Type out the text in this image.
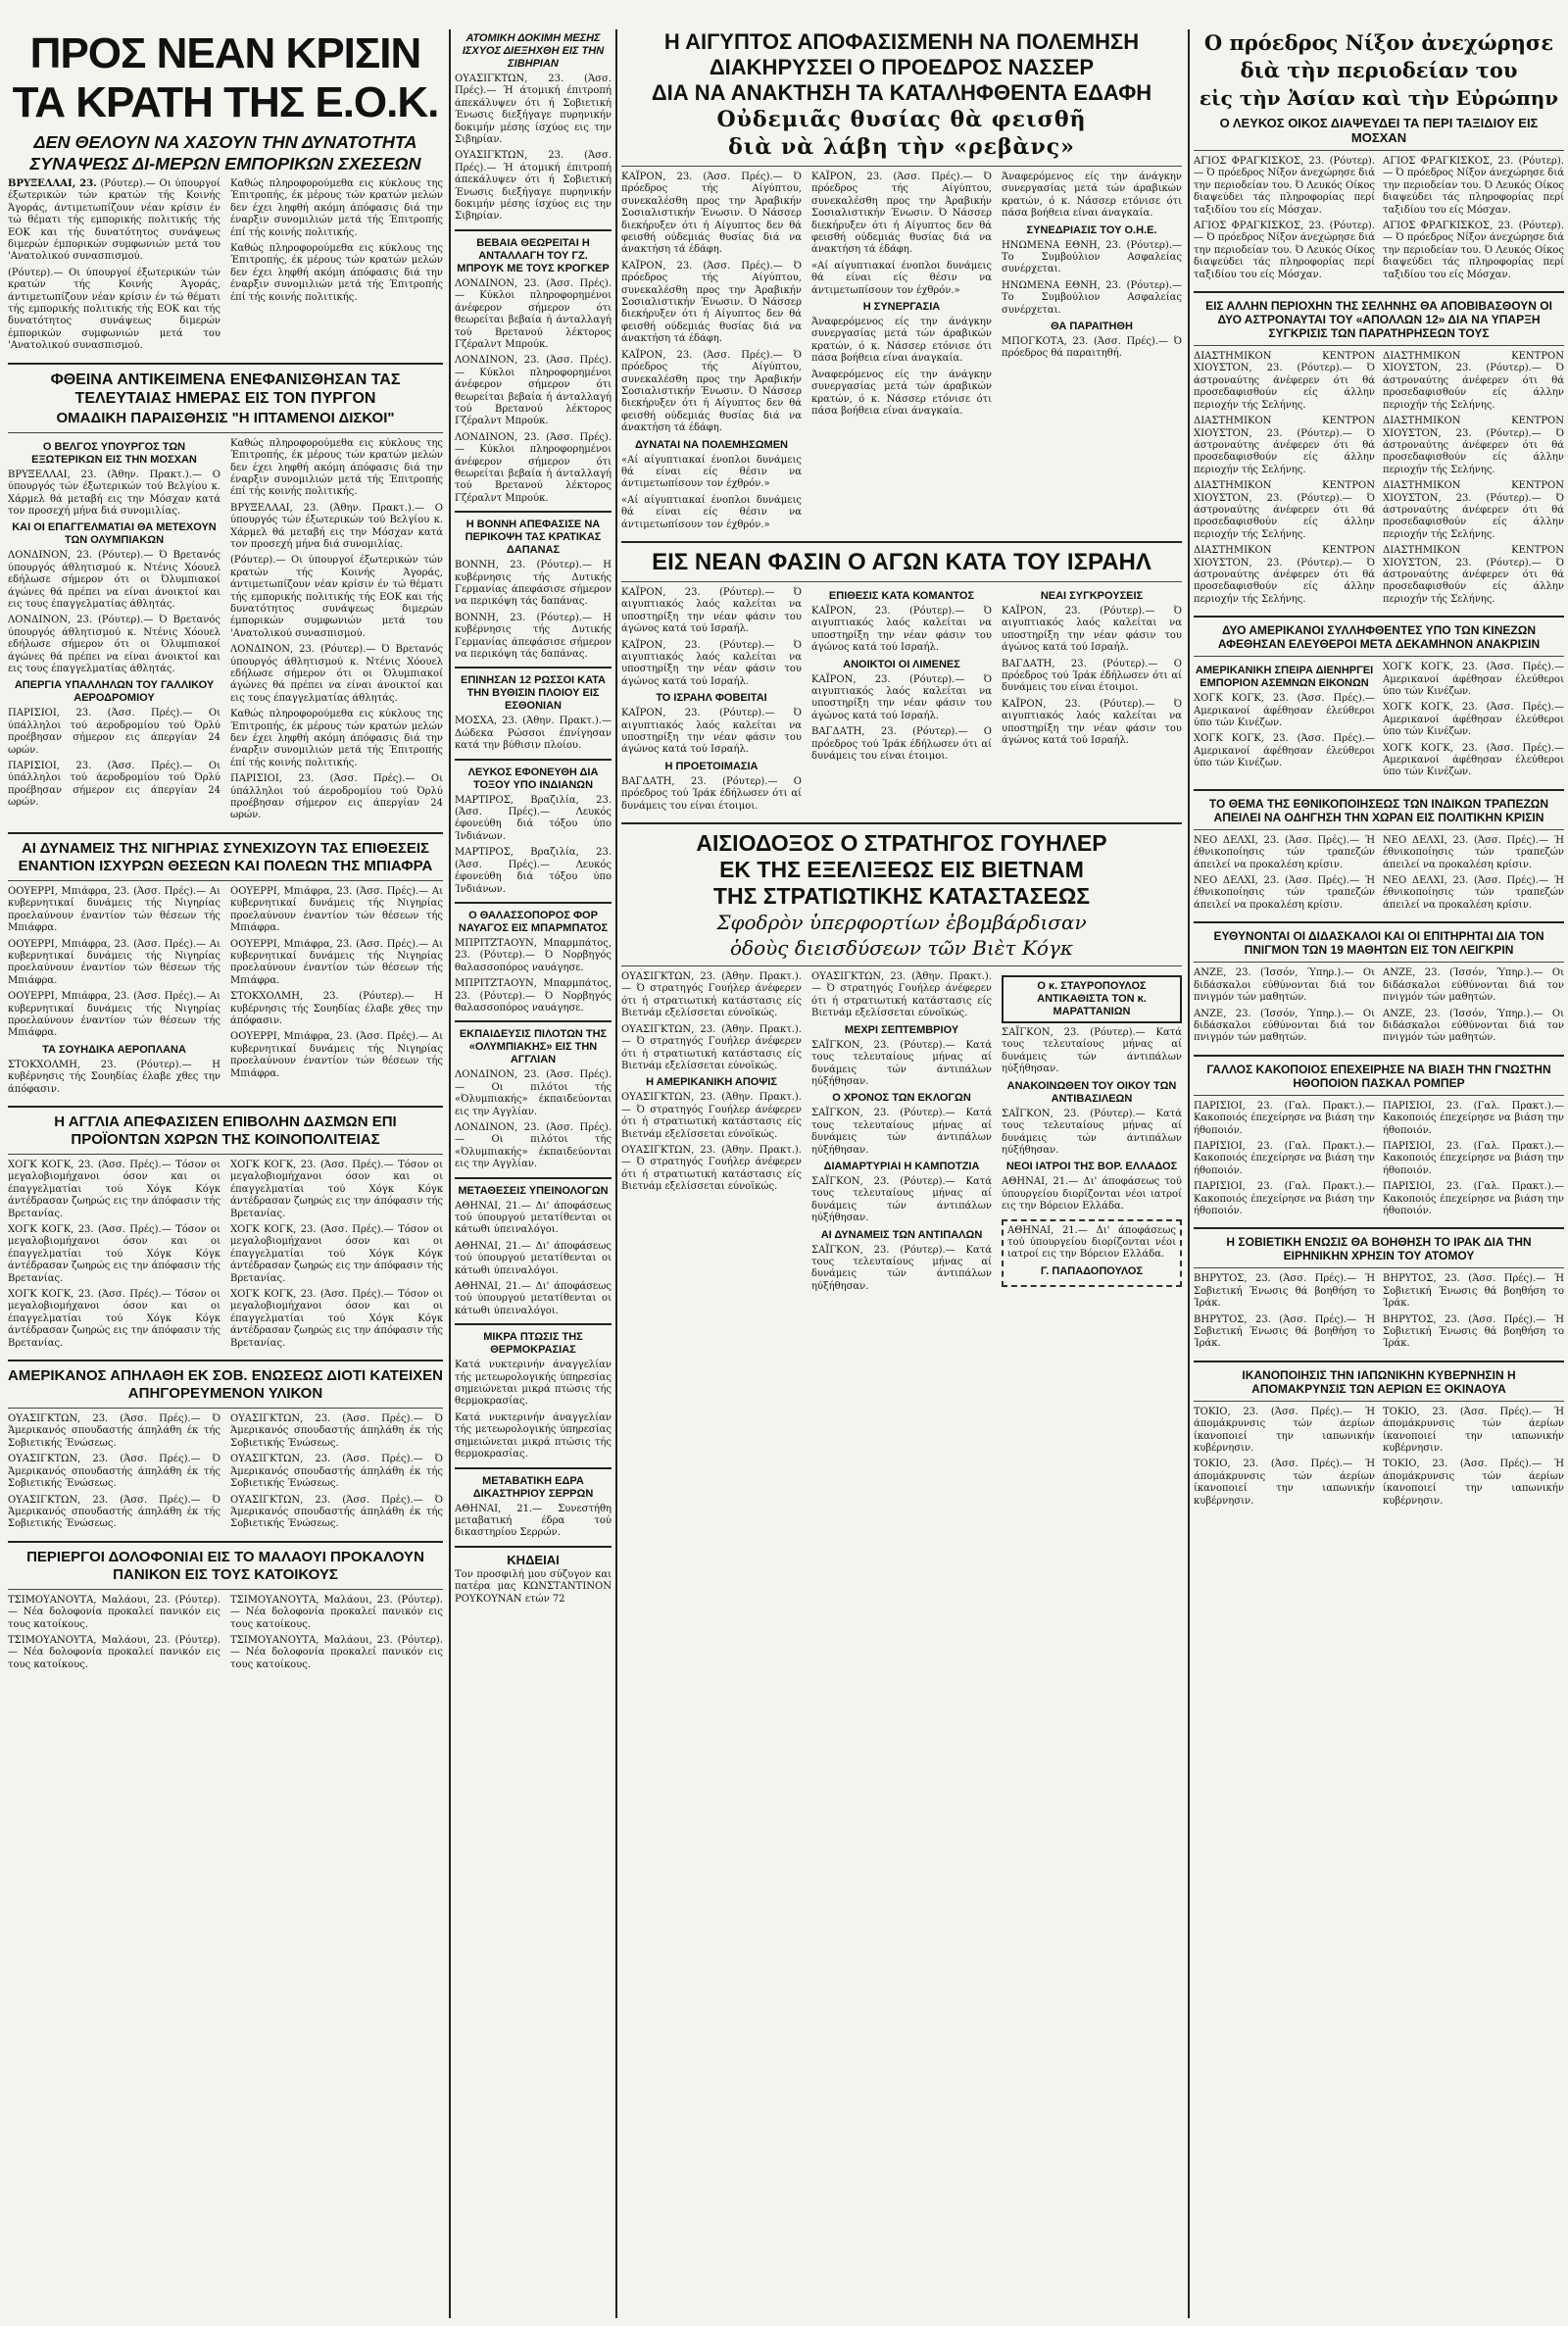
ΠΡΟΣ ΝΕΑΝ ΚΡΙΣΙΝ
ΤΑ ΚΡΑΤΗ ΤΗΣ Ε.Ο.Κ.
ΔΕΝ ΘΕΛΟΥΝ ΝΑ ΧΑΣΟΥΝ ΤΗΝ ΔΥΝΑΤΟΤΗΤΑ ΣΥΝΑΨΕΩΣ ΔΙ-ΜΕΡΩΝ ΕΜΠΟΡΙΚΩΝ ΣΧΕΣΕΩΝ

ΒΡΥΞΕΛΛΑΙ, 23. (Ρόυτερ).— Οι ύπουργοί έξωτερικών τών κρατών τής Κοινής Άγοράς, άντιμετωπίζουν νέαν κρίσιν έν τώ θέματι τής εμπορικής πολιτικής τής ΕΟΚ και τής δυνατότητος συνάψεως διμερών έμπορικών συμφωνιών μετά του 'Ανατολικού συνασπισμού.

(Ρόυτερ).— Οι ύπουργοί έξωτερικών τών κρατών τής Κοινής Άγοράς, άντιμετωπίζουν νέαν κρίσιν έν τώ θέματι τής εμπορικής πολιτικής τής ΕΟΚ και τής δυνατότητος συνάψεως διμερών έμπορικών συμφωνιών μετά του 'Ανατολικού συνασπισμού.

Καθώς πληροφορούμεθα εις κύκλους της Έπιτροπής, έκ μέρους τών κρατών μελών δεν έχει ληφθή ακόμη άπόφασις διά την έναρξιν συνομιλιών μετά τής Έπιτροπής έπί τής κοινής πολιτικής.

Καθώς πληροφορούμεθα εις κύκλους της Έπιτροπής, έκ μέρους τών κρατών μελών δεν έχει ληφθή ακόμη άπόφασις διά την έναρξιν συνομιλιών μετά τής Έπιτροπής έπί τής κοινής πολιτικής.

ΦΘΕΙΝΑ ΑΝΤΙΚΕΙΜΕΝΑ ΕΝΕΦΑΝΙΣΘΗΣΑΝ ΤΑΣ ΤΕΛΕΥΤΑΙΑΣ ΗΜΕΡΑΣ ΕΙΣ ΤΟΝ ΠΥΡΓΟΝ
ΟΜΑΔΙΚΗ ΠΑΡΑΙΣΘΗΣΙΣ "Η ΙΠΤΑΜΕΝΟΙ ΔΙΣΚΟΙ"
Ο ΒΕΛΓΟΣ ΥΠΟΥΡΓΟΣ ΤΩΝ ΕΞΩΤΕΡΙΚΩΝ ΕΙΣ ΤΗΝ ΜΟΣΧΑΝ

ΒΡΥΞΕΛΛΑΙ, 23. (Άθην. Πρακτ.).— Ο ύπουργός τών έξωτερικών τού Βελγίου κ. Χάρμελ θά μεταβή εις την Μόσχαν κατά τον προσεχή μήνα διά συνομιλίας.

ΚΑΙ ΟΙ ΕΠΑΓΓΕΛΜΑΤΙΑΙ ΘΑ ΜΕΤΕΧΟΥΝ ΤΩΝ ΟΛΥΜΠΙΑΚΩΝ

ΛΟΝΔΙΝΟΝ, 23. (Ρόυτερ).— Ό Βρετανός ύπουργός άθλητισμού κ. Ντένις Χόουελ εδήλωσε σήμερον ότι οι Όλυμπιακοί άγώνες θά πρέπει να είναι άνοικτοί και εις τους έπαγγελματίας άθλητάς.

ΛΟΝΔΙΝΟΝ, 23. (Ρόυτερ).— Ό Βρετανός ύπουργός άθλητισμού κ. Ντένις Χόουελ εδήλωσε σήμερον ότι οι Όλυμπιακοί άγώνες θά πρέπει να είναι άνοικτοί και εις τους έπαγγελματίας άθλητάς.

ΑΠΕΡΓΙΑ ΥΠΑΛΛΗΛΩΝ ΤΟΥ ΓΑΛΛΙΚΟΥ ΑΕΡΟΔΡΟΜΙΟΥ

ΠΑΡΙΣΙΟΙ, 23. (Άσσ. Πρές).— Οι ύπάλληλοι τού άεροδρομίου τού Όρλύ προέβησαν σήμερον εις άπεργίαν 24 ωρών.

ΠΑΡΙΣΙΟΙ, 23. (Άσσ. Πρές).— Οι ύπάλληλοι τού άεροδρομίου τού Όρλύ προέβησαν σήμερον εις άπεργίαν 24 ωρών.

Καθώς πληροφορούμεθα εις κύκλους της Έπιτροπής, έκ μέρους τών κρατών μελών δεν έχει ληφθή ακόμη άπόφασις διά την έναρξιν συνομιλιών μετά τής Έπιτροπής έπί τής κοινής πολιτικής.

ΒΡΥΞΕΛΛΑΙ, 23. (Άθην. Πρακτ.).— Ο ύπουργός τών έξωτερικών τού Βελγίου κ. Χάρμελ θά μεταβή εις την Μόσχαν κατά τον προσεχή μήνα διά συνομιλίας.

(Ρόυτερ).— Οι ύπουργοί έξωτερικών τών κρατών τής Κοινής Άγοράς, άντιμετωπίζουν νέαν κρίσιν έν τώ θέματι τής εμπορικής πολιτικής τής ΕΟΚ και τής δυνατότητος συνάψεως διμερών έμπορικών συμφωνιών μετά του 'Ανατολικού συνασπισμού.

ΛΟΝΔΙΝΟΝ, 23. (Ρόυτερ).— Ό Βρετανός ύπουργός άθλητισμού κ. Ντένις Χόουελ εδήλωσε σήμερον ότι οι Όλυμπιακοί άγώνες θά πρέπει να είναι άνοικτοί και εις τους έπαγγελματίας άθλητάς.

Καθώς πληροφορούμεθα εις κύκλους της Έπιτροπής, έκ μέρους τών κρατών μελών δεν έχει ληφθή ακόμη άπόφασις διά την έναρξιν συνομιλιών μετά τής Έπιτροπής έπί τής κοινής πολιτικής.

ΠΑΡΙΣΙΟΙ, 23. (Άσσ. Πρές).— Οι ύπάλληλοι τού άεροδρομίου τού Όρλύ προέβησαν σήμερον εις άπεργίαν 24 ωρών.

ΑΙ ΔΥΝΑΜΕΙΣ ΤΗΣ ΝΙΓΗΡΙΑΣ ΣΥΝΕΧΙΖΟΥΝ ΤΑΣ ΕΠΙΘΕΣΕΙΣ ΕΝΑΝΤΙΟΝ ΙΣΧΥΡΩΝ ΘΕΣΕΩΝ ΚΑΙ ΠΟΛΕΩΝ ΤΗΣ ΜΠΙΑΦΡΑ

ΟΟΥΕΡΡΙ, Μπιάφρα, 23. (Άσσ. Πρές).— Αι κυβερνητικαί δυνάμεις τής Νιγηρίας προελαύνουν έναντίον τών θέσεων τής Μπιάφρα.

ΟΟΥΕΡΡΙ, Μπιάφρα, 23. (Άσσ. Πρές).— Αι κυβερνητικαί δυνάμεις τής Νιγηρίας προελαύνουν έναντίον τών θέσεων τής Μπιάφρα.

ΟΟΥΕΡΡΙ, Μπιάφρα, 23. (Άσσ. Πρές).— Αι κυβερνητικαί δυνάμεις τής Νιγηρίας προελαύνουν έναντίον τών θέσεων τής Μπιάφρα.

ΤΑ ΣΟΥΗΔΙΚΑ ΑΕΡΟΠΛΑΝΑ

ΣΤΟΚΧΟΛΜΗ, 23. (Ρόυτερ).— Η κυβέρνησις τής Σουηδίας έλαβε χθες την άπόφασιν.

ΟΟΥΕΡΡΙ, Μπιάφρα, 23. (Άσσ. Πρές).— Αι κυβερνητικαί δυνάμεις τής Νιγηρίας προελαύνουν έναντίον τών θέσεων τής Μπιάφρα.

ΟΟΥΕΡΡΙ, Μπιάφρα, 23. (Άσσ. Πρές).— Αι κυβερνητικαί δυνάμεις τής Νιγηρίας προελαύνουν έναντίον τών θέσεων τής Μπιάφρα.

ΣΤΟΚΧΟΛΜΗ, 23. (Ρόυτερ).— Η κυβέρνησις τής Σουηδίας έλαβε χθες την άπόφασιν.

ΟΟΥΕΡΡΙ, Μπιάφρα, 23. (Άσσ. Πρές).— Αι κυβερνητικαί δυνάμεις τής Νιγηρίας προελαύνουν έναντίον τών θέσεων τής Μπιάφρα.

Η ΑΓΓΛΙΑ ΑΠΕΦΑΣΙΣΕΝ ΕΠΙΒΟΛΗΝ ΔΑΣΜΩΝ ΕΠΙ ΠΡΟΪΟΝΤΩΝ ΧΩΡΩΝ ΤΗΣ ΚΟΙΝΟΠΟΛΙΤΕΙΑΣ

ΧΟΓΚ ΚΟΓΚ, 23. (Άσσ. Πρές).— Τόσον οι μεγαλοβιομήχανοι όσον και οι έπαγγελματίαι τού Χόγκ Κόγκ άντέδρασαν ζωηρώς εις την άπόφασιν τής Βρετανίας.

ΧΟΓΚ ΚΟΓΚ, 23. (Άσσ. Πρές).— Τόσον οι μεγαλοβιομήχανοι όσον και οι έπαγγελματίαι τού Χόγκ Κόγκ άντέδρασαν ζωηρώς εις την άπόφασιν τής Βρετανίας.

ΧΟΓΚ ΚΟΓΚ, 23. (Άσσ. Πρές).— Τόσον οι μεγαλοβιομήχανοι όσον και οι έπαγγελματίαι τού Χόγκ Κόγκ άντέδρασαν ζωηρώς εις την άπόφασιν τής Βρετανίας.

ΧΟΓΚ ΚΟΓΚ, 23. (Άσσ. Πρές).— Τόσον οι μεγαλοβιομήχανοι όσον και οι έπαγγελματίαι τού Χόγκ Κόγκ άντέδρασαν ζωηρώς εις την άπόφασιν τής Βρετανίας.

ΧΟΓΚ ΚΟΓΚ, 23. (Άσσ. Πρές).— Τόσον οι μεγαλοβιομήχανοι όσον και οι έπαγγελματίαι τού Χόγκ Κόγκ άντέδρασαν ζωηρώς εις την άπόφασιν τής Βρετανίας.

ΧΟΓΚ ΚΟΓΚ, 23. (Άσσ. Πρές).— Τόσον οι μεγαλοβιομήχανοι όσον και οι έπαγγελματίαι τού Χόγκ Κόγκ άντέδρασαν ζωηρώς εις την άπόφασιν τής Βρετανίας.

ΑΜΕΡΙΚΑΝΟΣ ΑΠΗΛΑΘΗ ΕΚ ΣΟΒ. ΕΝΩΣΕΩΣ ΔΙΟΤΙ ΚΑΤΕΙΧΕΝ ΑΠΗΓΟΡΕΥΜΕΝΟΝ ΥΛΙΚΟΝ

ΟΥΑΣΙΓΚΤΩΝ, 23. (Άσσ. Πρές).— Ό Άμερικανός σπουδαστής άπηλάθη έκ τής Σοβιετικής Ένώσεως.

ΟΥΑΣΙΓΚΤΩΝ, 23. (Άσσ. Πρές).— Ό Άμερικανός σπουδαστής άπηλάθη έκ τής Σοβιετικής Ένώσεως.

ΟΥΑΣΙΓΚΤΩΝ, 23. (Άσσ. Πρές).— Ό Άμερικανός σπουδαστής άπηλάθη έκ τής Σοβιετικής Ένώσεως.

ΟΥΑΣΙΓΚΤΩΝ, 23. (Άσσ. Πρές).— Ό Άμερικανός σπουδαστής άπηλάθη έκ τής Σοβιετικής Ένώσεως.

ΟΥΑΣΙΓΚΤΩΝ, 23. (Άσσ. Πρές).— Ό Άμερικανός σπουδαστής άπηλάθη έκ τής Σοβιετικής Ένώσεως.

ΟΥΑΣΙΓΚΤΩΝ, 23. (Άσσ. Πρές).— Ό Άμερικανός σπουδαστής άπηλάθη έκ τής Σοβιετικής Ένώσεως.

ΠΕΡΙΕΡΓΟΙ ΔΟΛΟΦΟΝΙΑΙ ΕΙΣ ΤΟ ΜΑΛΑΟΥΙ ΠΡΟΚΑΛΟΥΝ ΠΑΝΙΚΟΝ ΕΙΣ ΤΟΥΣ ΚΑΤΟΙΚΟΥΣ

ΤΣΙΜΟΥΑΝΟΥΤΑ, Μαλάουι, 23. (Ρόυτερ).— Νέα δολοφονία προκαλεί πανικόν εις τους κατοίκους.

ΤΣΙΜΟΥΑΝΟΥΤΑ, Μαλάουι, 23. (Ρόυτερ).— Νέα δολοφονία προκαλεί πανικόν εις τους κατοίκους.

ΤΣΙΜΟΥΑΝΟΥΤΑ, Μαλάουι, 23. (Ρόυτερ).— Νέα δολοφονία προκαλεί πανικόν εις τους κατοίκους.

ΤΣΙΜΟΥΑΝΟΥΤΑ, Μαλάουι, 23. (Ρόυτερ).— Νέα δολοφονία προκαλεί πανικόν εις τους κατοίκους.

ΑΤΟΜΙΚΗ ΔΟΚΙΜΗ ΜΕΣΗΣ ΙΣΧΥΟΣ ΔΙΕΞΗΧΘΗ ΕΙΣ ΤΗΝ ΣΙΒΗΡΙΑΝ

ΟΥΑΣΙΓΚΤΩΝ, 23. (Άσσ. Πρές).— Ή άτομική έπιτροπή άπεκάλυψεν ότι ή Σοβιετική Ένωσις διεξήγαγε πυρηνικήν δοκιμήν μέσης ίσχύος εις την Σιβηρίαν.

ΟΥΑΣΙΓΚΤΩΝ, 23. (Άσσ. Πρές).— Ή άτομική έπιτροπή άπεκάλυψεν ότι ή Σοβιετική Ένωσις διεξήγαγε πυρηνικήν δοκιμήν μέσης ίσχύος εις την Σιβηρίαν.

ΒΕΒΑΙΑ ΘΕΩΡΕΙΤΑΙ Η ΑΝΤΑΛΛΑΓΗ ΤΟΥ ΓΖ. ΜΠΡΟΥΚ ΜΕ ΤΟΥΣ ΚΡΟΓΚΕΡ

ΛΟΝΔΙΝΟΝ, 23. (Άσσ. Πρές).— Κύκλοι πληροφορημένοι άνέφερον σήμερον ότι θεωρείται βεβαία ή άνταλλαγή τού Βρετανού λέκτορος Γζέραλντ Μπρούκ.

ΛΟΝΔΙΝΟΝ, 23. (Άσσ. Πρές).— Κύκλοι πληροφορημένοι άνέφερον σήμερον ότι θεωρείται βεβαία ή άνταλλαγή τού Βρετανού λέκτορος Γζέραλντ Μπρούκ.

ΛΟΝΔΙΝΟΝ, 23. (Άσσ. Πρές).— Κύκλοι πληροφορημένοι άνέφερον σήμερον ότι θεωρείται βεβαία ή άνταλλαγή τού Βρετανού λέκτορος Γζέραλντ Μπρούκ.

Η ΒΟΝΝΗ ΑΠΕΦΑΣΙΣΕ ΝΑ ΠΕΡΙΚΟΨΗ ΤΑΣ ΚΡΑΤΙΚΑΣ ΔΑΠΑΝΑΣ

ΒΟΝΝΗ, 23. (Ρόυτερ).— Η κυβέρνησις τής Δυτικής Γερμανίας άπεφάσισε σήμερον να περικόψη τάς δαπάνας.

ΒΟΝΝΗ, 23. (Ρόυτερ).— Η κυβέρνησις τής Δυτικής Γερμανίας άπεφάσισε σήμερον να περικόψη τάς δαπάνας.

ΕΠΙΝΗΣΑΝ 12 ΡΩΣΣΟΙ ΚΑΤΑ ΤΗΝ ΒΥΘΙΣΙΝ ΠΛΟΙΟΥ ΕΙΣ ΕΣΘΟΝΙΑΝ

ΜΟΣΧΑ, 23. (Άθην. Πρακτ.).— Δώδεκα Ρώσσοι έπνίγησαν κατά την βύθισιν πλοίου.

ΛΕΥΚΟΣ ΕΦΟΝΕΥΘΗ ΔΙΑ ΤΟΞΟΥ ΥΠΟ ΙΝΔΙΑΝΩΝ

ΜΑΡΤΙΡΟΣ, Βραζιλία, 23. (Άσσ. Πρές).— Λευκός έφονεύθη διά τόξου ύπο Ίνδιάνων.

ΜΑΡΤΙΡΟΣ, Βραζιλία, 23. (Άσσ. Πρές).— Λευκός έφονεύθη διά τόξου ύπο Ίνδιάνων.

Ο ΘΑΛΑΣΣΟΠΟΡΟΣ ΦΟΡ ΝΑΥΑΓΟΣ ΕΙΣ ΜΠΑΡΜΠΑΤΟΣ

ΜΠΡΙΤΖΤΑΟΥΝ, Μπαρμπάτος, 23. (Ρόυτερ).— Ό Νορβηγός θαλασσοπόρος ναυάγησε.

ΜΠΡΙΤΖΤΑΟΥΝ, Μπαρμπάτος, 23. (Ρόυτερ).— Ό Νορβηγός θαλασσοπόρος ναυάγησε.

ΕΚΠΑΙΔΕΥΣΙΣ ΠΙΛΟΤΩΝ ΤΗΣ «ΟΛΥΜΠΙΑΚΗΣ» ΕΙΣ ΤΗΝ ΑΓΓΛΙΑΝ

ΛΟΝΔΙΝΟΝ, 23. (Άσσ. Πρές).— Οι πιλότοι τής «Όλυμπιακής» έκπαιδεύονται εις την Αγγλίαν.

ΛΟΝΔΙΝΟΝ, 23. (Άσσ. Πρές).— Οι πιλότοι τής «Όλυμπιακής» έκπαιδεύονται εις την Αγγλίαν.

ΜΕΤΑΘΕΣΕΙΣ ΥΠΕΙΝΟΛΟΓΩΝ

ΑΘΗΝΑΙ, 21.— Δι' άποφάσεως τού ύπουργού μετατίθενται οι κάτωθι ύπειναλόγοι.

ΑΘΗΝΑΙ, 21.— Δι' άποφάσεως τού ύπουργού μετατίθενται οι κάτωθι ύπειναλόγοι.

ΑΘΗΝΑΙ, 21.— Δι' άποφάσεως τού ύπουργού μετατίθενται οι κάτωθι ύπειναλόγοι.

ΜΙΚΡΑ ΠΤΩΣΙΣ ΤΗΣ ΘΕΡΜΟΚΡΑΣΙΑΣ

Κατά νυκτερινήν άναγγελίαν τής μετεωρολογικής ύπηρεσίας σημειώνεται μικρά πτώσις τής θερμοκρασίας.

Κατά νυκτερινήν άναγγελίαν τής μετεωρολογικής ύπηρεσίας σημειώνεται μικρά πτώσις τής θερμοκρασίας.

ΜΕΤΑΒΑΤΙΚΗ ΕΔΡΑ ΔΙΚΑΣΤΗΡΙΟΥ ΣΕΡΡΩΝ

ΑΘΗΝΑΙ, 21.— Συνεστήθη μεταβατική έδρα τού δικαστηρίου Σερρών.

ΚΗΔΕΙΑΙ

Τον προσφιλή μου σύζυγον και πατέρα μας ΚΩΝΣΤΑΝΤΙΝΟΝ ΡΟΥΚΟΥΝΑΝ ετών 72

Η ΑΙΓΥΠΤΟΣ ΑΠΟΦΑΣΙΣΜΕΝΗ ΝΑ ΠΟΛΕΜΗΣΗ
ΔΙΑΚΗΡΥΣΣΕΙ Ο ΠΡΟΕΔΡΟΣ ΝΑΣΣΕΡ
ΔΙΑ ΝΑ ΑΝΑΚΤΗΣΗ ΤΑ ΚΑΤΑΛΗΦΘΕΝΤΑ ΕΔΑΦΗ
Οὐδεμιᾶς θυσίας θὰ φεισθῆ
διὰ νὰ λάβη τὴν «ρεβὰνς»

ΚΑΪΡΟΝ, 23. (Άσσ. Πρές).— Ό πρόεδρος τής Αίγύπτου, συνεκαλέσθη προς την Άραβικήν Σοσιαλιστικήν Ένωσιν. Ό Νάσσερ διεκήρυξεν ότι ή Αίγυπτος δεν θά φεισθή ούδεμιάς θυσίας διά να άνακτήση τά έδάφη.

ΚΑΪΡΟΝ, 23. (Άσσ. Πρές).— Ό πρόεδρος τής Αίγύπτου, συνεκαλέσθη προς την Άραβικήν Σοσιαλιστικήν Ένωσιν. Ό Νάσσερ διεκήρυξεν ότι ή Αίγυπτος δεν θά φεισθή ούδεμιάς θυσίας διά να άνακτήση τά έδάφη.

ΚΑΪΡΟΝ, 23. (Άσσ. Πρές).— Ό πρόεδρος τής Αίγύπτου, συνεκαλέσθη προς την Άραβικήν Σοσιαλιστικήν Ένωσιν. Ό Νάσσερ διεκήρυξεν ότι ή Αίγυπτος δεν θά φεισθή ούδεμιάς θυσίας διά να άνακτήση τά έδάφη.

ΔΥΝΑΤΑΙ ΝΑ ΠΟΛΕΜΗΣΩΜΕΝ

«Αί αίγυπτιακαί ένοπλοι δυνάμεις θά είναι είς θέσιν να άντιμετωπίσουν τον έχθρόν.»

«Αί αίγυπτιακαί ένοπλοι δυνάμεις θά είναι είς θέσιν να άντιμετωπίσουν τον έχθρόν.»

ΚΑΪΡΟΝ, 23. (Άσσ. Πρές).— Ό πρόεδρος τής Αίγύπτου, συνεκαλέσθη προς την Άραβικήν Σοσιαλιστικήν Ένωσιν. Ό Νάσσερ διεκήρυξεν ότι ή Αίγυπτος δεν θά φεισθή ούδεμιάς θυσίας διά να άνακτήση τά έδάφη.

«Αί αίγυπτιακαί ένοπλοι δυνάμεις θά είναι είς θέσιν να άντιμετωπίσουν τον έχθρόν.»

Η ΣΥΝΕΡΓΑΣΙΑ

Άναφερόμενος είς την άνάγκην συνεργασίας μετά τών άραβικών κρατών, ό κ. Νάσσερ ετόνισε ότι πάσα βοήθεια είναι άναγκαία.

Άναφερόμενος είς την άνάγκην συνεργασίας μετά τών άραβικών κρατών, ό κ. Νάσσερ ετόνισε ότι πάσα βοήθεια είναι άναγκαία.

Άναφερόμενος είς την άνάγκην συνεργασίας μετά τών άραβικών κρατών, ό κ. Νάσσερ ετόνισε ότι πάσα βοήθεια είναι άναγκαία.

ΣΥΝΕΔΡΙΑΣΙΣ ΤΟΥ Ο.Η.Ε.

ΗΝΩΜΕΝΑ ΕΘΝΗ, 23. (Ρόυτερ).— Το Συμβούλιον Ασφαλείας συνέρχεται.

ΗΝΩΜΕΝΑ ΕΘΝΗ, 23. (Ρόυτερ).— Το Συμβούλιον Ασφαλείας συνέρχεται.

ΘΑ ΠΑΡΑΙΤΗΘΗ

ΜΠΟΓΚΟΤΑ, 23. (Άσσ. Πρές).— Ό πρόεδρος θά παραιτηθή.

ΕΙΣ ΝΕΑΝ ΦΑΣΙΝ Ο ΑΓΩΝ ΚΑΤΑ ΤΟΥ ΙΣΡΑΗΛ

ΚΑΪΡΟΝ, 23. (Ρόυτερ).— Ό αιγυπτιακός λαός καλείται να υποστηρίξη την νέαν φάσιν του άγώνος κατά τού Ισραήλ.

ΚΑΪΡΟΝ, 23. (Ρόυτερ).— Ό αιγυπτιακός λαός καλείται να υποστηρίξη την νέαν φάσιν του άγώνος κατά τού Ισραήλ.

ΤΟ ΙΣΡΑΗΛ ΦΟΒΕΙΤΑΙ

ΚΑΪΡΟΝ, 23. (Ρόυτερ).— Ό αιγυπτιακός λαός καλείται να υποστηρίξη την νέαν φάσιν του άγώνος κατά τού Ισραήλ.

Η ΠΡΟΕΤΟΙΜΑΣΙΑ

ΒΑΓΔΑΤΗ, 23. (Ρόυτερ).— Ο πρόεδρος τού Ίράκ έδήλωσεν ότι αί δυνάμεις του είναι έτοιμοι.

ΕΠΙΘΕΣΙΣ ΚΑΤΑ ΚΟΜΑΝΤΟΣ

ΚΑΪΡΟΝ, 23. (Ρόυτερ).— Ό αιγυπτιακός λαός καλείται να υποστηρίξη την νέαν φάσιν του άγώνος κατά τού Ισραήλ.

ΑΝΟΙΚΤΟΙ ΟΙ ΛΙΜΕΝΕΣ

ΚΑΪΡΟΝ, 23. (Ρόυτερ).— Ό αιγυπτιακός λαός καλείται να υποστηρίξη την νέαν φάσιν του άγώνος κατά τού Ισραήλ.

ΒΑΓΔΑΤΗ, 23. (Ρόυτερ).— Ο πρόεδρος τού Ίράκ έδήλωσεν ότι αί δυνάμεις του είναι έτοιμοι.

ΝΕΑΙ ΣΥΓΚΡΟΥΣΕΙΣ

ΚΑΪΡΟΝ, 23. (Ρόυτερ).— Ό αιγυπτιακός λαός καλείται να υποστηρίξη την νέαν φάσιν του άγώνος κατά τού Ισραήλ.

ΒΑΓΔΑΤΗ, 23. (Ρόυτερ).— Ο πρόεδρος τού Ίράκ έδήλωσεν ότι αί δυνάμεις του είναι έτοιμοι.

ΚΑΪΡΟΝ, 23. (Ρόυτερ).— Ό αιγυπτιακός λαός καλείται να υποστηρίξη την νέαν φάσιν του άγώνος κατά τού Ισραήλ.

ΑΙΣΙΟΔΟΞΟΣ Ο ΣΤΡΑΤΗΓΟΣ ΓΟΥΗΛΕΡ
ΕΚ ΤΗΣ ΕΞΕΛΙΞΕΩΣ ΕΙΣ ΒΙΕΤΝΑΜ
ΤΗΣ ΣΤΡΑΤΙΩΤΙΚΗΣ ΚΑΤΑΣΤΑΣΕΩΣ
Σφοδρὸν ὑπερφορτίων ἐβομβάρδισαν
ὁδοὺς διεισδύσεων τῶν Βιὲτ Κόγκ

ΟΥΑΣΙΓΚΤΩΝ, 23. (Άθην. Πρακτ.).— Ό στρατηγός Γουήλερ άνέφερεν ότι ή στρατιωτική κατάστασις είς Βιετνάμ εξελίσσεται εύνοϊκώς.

ΟΥΑΣΙΓΚΤΩΝ, 23. (Άθην. Πρακτ.).— Ό στρατηγός Γουήλερ άνέφερεν ότι ή στρατιωτική κατάστασις είς Βιετνάμ εξελίσσεται εύνοϊκώς.

Η ΑΜΕΡΙΚΑΝΙΚΗ ΑΠΟΨΙΣ

ΟΥΑΣΙΓΚΤΩΝ, 23. (Άθην. Πρακτ.).— Ό στρατηγός Γουήλερ άνέφερεν ότι ή στρατιωτική κατάστασις είς Βιετνάμ εξελίσσεται εύνοϊκώς.

ΟΥΑΣΙΓΚΤΩΝ, 23. (Άθην. Πρακτ.).— Ό στρατηγός Γουήλερ άνέφερεν ότι ή στρατιωτική κατάστασις είς Βιετνάμ εξελίσσεται εύνοϊκώς.

ΟΥΑΣΙΓΚΤΩΝ, 23. (Άθην. Πρακτ.).— Ό στρατηγός Γουήλερ άνέφερεν ότι ή στρατιωτική κατάστασις είς Βιετνάμ εξελίσσεται εύνοϊκώς.

ΜΕΧΡΙ ΣΕΠΤΕΜΒΡΙΟΥ

ΣΑΪΓΚΟΝ, 23. (Ρόυτερ).— Κατά τους τελευταίους μήνας αί δυνάμεις τών άντιπάλων ηύξήθησαν.

Ο ΧΡΟΝΟΣ ΤΩΝ ΕΚΛΟΓΩΝ

ΣΑΪΓΚΟΝ, 23. (Ρόυτερ).— Κατά τους τελευταίους μήνας αί δυνάμεις τών άντιπάλων ηύξήθησαν.

ΔΙΑΜΑΡΤΥΡΙΑΙ Η ΚΑΜΠΟΤΖΙΑ

ΣΑΪΓΚΟΝ, 23. (Ρόυτερ).— Κατά τους τελευταίους μήνας αί δυνάμεις τών άντιπάλων ηύξήθησαν.

ΑΙ ΔΥΝΑΜΕΙΣ ΤΩΝ ΑΝΤΙΠΑΛΩΝ

ΣΑΪΓΚΟΝ, 23. (Ρόυτερ).— Κατά τους τελευταίους μήνας αί δυνάμεις τών άντιπάλων ηύξήθησαν.

Ο κ. ΣΤΑΥΡΟΠΟΥΛΟΣ ΑΝΤΙΚΑΘΙΣΤΑ ΤΟΝ κ. ΜΑΡΑΤΤΑΝΙΩΝ

ΣΑΪΓΚΟΝ, 23. (Ρόυτερ).— Κατά τους τελευταίους μήνας αί δυνάμεις τών άντιπάλων ηύξήθησαν.

ΑΝΑΚΟΙΝΩΘΕΝ ΤΟΥ ΟΙΚΟΥ ΤΩΝ ΑΝΤΙΒΑΣΙΛΕΩΝ

ΣΑΪΓΚΟΝ, 23. (Ρόυτερ).— Κατά τους τελευταίους μήνας αί δυνάμεις τών άντιπάλων ηύξήθησαν.

ΝΕΟΙ ΙΑΤΡΟΙ ΤΗΣ ΒΟΡ. ΕΛΛΑΔΟΣ

ΑΘΗΝΑΙ, 21.— Δι' άποφάσεως τού ύπουργείου διορίζονται νέοι ιατροί εις την Βόρειον Ελλάδα.

ΑΘΗΝΑΙ, 21.— Δι' άποφάσεως τού ύπουργείου διορίζονται νέοι ιατροί εις την Βόρειον Ελλάδα.

Γ. ΠΑΠΑΔΟΠΟΥΛΟΣ
Ο πρόεδρος Νίξον ἀνεχώρησε
διὰ τὴν περιοδείαν του
εἰς τὴν Ἀσίαν καὶ τὴν Εὐρώπην
Ο ΛΕΥΚΟΣ ΟΙΚΟΣ ΔΙΑΨΕΥΔΕΙ ΤΑ ΠΕΡΙ ΤΑΞΙΔΙΟΥ ΕΙΣ ΜΟΣΧΑΝ

ΑΓΙΟΣ ΦΡΑΓΚΙΣΚΟΣ, 23. (Ρόυτερ).— Ό πρόεδρος Νίξον άνεχώρησε διά την περιοδείαν του. Ό Λευκός Οίκος διαψεύδει τάς πληροφορίας περί ταξιδίου του είς Μόσχαν.

ΑΓΙΟΣ ΦΡΑΓΚΙΣΚΟΣ, 23. (Ρόυτερ).— Ό πρόεδρος Νίξον άνεχώρησε διά την περιοδείαν του. Ό Λευκός Οίκος διαψεύδει τάς πληροφορίας περί ταξιδίου του είς Μόσχαν.

ΑΓΙΟΣ ΦΡΑΓΚΙΣΚΟΣ, 23. (Ρόυτερ).— Ό πρόεδρος Νίξον άνεχώρησε διά την περιοδείαν του. Ό Λευκός Οίκος διαψεύδει τάς πληροφορίας περί ταξιδίου του είς Μόσχαν.

ΑΓΙΟΣ ΦΡΑΓΚΙΣΚΟΣ, 23. (Ρόυτερ).— Ό πρόεδρος Νίξον άνεχώρησε διά την περιοδείαν του. Ό Λευκός Οίκος διαψεύδει τάς πληροφορίας περί ταξιδίου του είς Μόσχαν.

ΕΙΣ ΑΛΛΗΝ ΠΕΡΙΟΧΗΝ ΤΗΣ ΣΕΛΗΝΗΣ ΘΑ ΑΠΟΒΙΒΑΣΘΟΥΝ ΟΙ ΔΥΟ ΑΣΤΡΟΝΑΥΤΑΙ ΤΟΥ «ΑΠΟΛΛΩΝ 12» ΔΙΑ ΝΑ ΥΠΑΡΞΗ ΣΥΓΚΡΙΣΙΣ ΤΩΝ ΠΑΡΑΤΗΡΗΣΕΩΝ ΤΟΥΣ

ΔΙΑΣΤΗΜΙΚΟΝ ΚΕΝΤΡΟΝ ΧΙΟΥΣΤΟΝ, 23. (Ρόυτερ).— Ό άστροναύτης άνέφερεν ότι θά προσεδαφισθούν είς άλλην περιοχήν τής Σελήνης.

ΔΙΑΣΤΗΜΙΚΟΝ ΚΕΝΤΡΟΝ ΧΙΟΥΣΤΟΝ, 23. (Ρόυτερ).— Ό άστροναύτης άνέφερεν ότι θά προσεδαφισθούν είς άλλην περιοχήν τής Σελήνης.

ΔΙΑΣΤΗΜΙΚΟΝ ΚΕΝΤΡΟΝ ΧΙΟΥΣΤΟΝ, 23. (Ρόυτερ).— Ό άστροναύτης άνέφερεν ότι θά προσεδαφισθούν είς άλλην περιοχήν τής Σελήνης.

ΔΙΑΣΤΗΜΙΚΟΝ ΚΕΝΤΡΟΝ ΧΙΟΥΣΤΟΝ, 23. (Ρόυτερ).— Ό άστροναύτης άνέφερεν ότι θά προσεδαφισθούν είς άλλην περιοχήν τής Σελήνης.

ΔΙΑΣΤΗΜΙΚΟΝ ΚΕΝΤΡΟΝ ΧΙΟΥΣΤΟΝ, 23. (Ρόυτερ).— Ό άστροναύτης άνέφερεν ότι θά προσεδαφισθούν είς άλλην περιοχήν τής Σελήνης.

ΔΙΑΣΤΗΜΙΚΟΝ ΚΕΝΤΡΟΝ ΧΙΟΥΣΤΟΝ, 23. (Ρόυτερ).— Ό άστροναύτης άνέφερεν ότι θά προσεδαφισθούν είς άλλην περιοχήν τής Σελήνης.

ΔΙΑΣΤΗΜΙΚΟΝ ΚΕΝΤΡΟΝ ΧΙΟΥΣΤΟΝ, 23. (Ρόυτερ).— Ό άστροναύτης άνέφερεν ότι θά προσεδαφισθούν είς άλλην περιοχήν τής Σελήνης.

ΔΙΑΣΤΗΜΙΚΟΝ ΚΕΝΤΡΟΝ ΧΙΟΥΣΤΟΝ, 23. (Ρόυτερ).— Ό άστροναύτης άνέφερεν ότι θά προσεδαφισθούν είς άλλην περιοχήν τής Σελήνης.

ΔΥΟ ΑΜΕΡΙΚΑΝΟΙ ΣΥΛΛΗΦΘΕΝΤΕΣ ΥΠΟ ΤΩΝ ΚΙΝΕΖΩΝ ΑΦΕΘΗΣΑΝ ΕΛΕΥΘΕΡΟΙ ΜΕΤΑ ΔΕΚΑΜΗΝΟΝ ΑΝΑΚΡΙΣΙΝ
ΑΜΕΡΙΚΑΝΙΚΗ ΣΠΕΙΡΑ ΔΙΕΝΗΡΓΕΙ ΕΜΠΟΡΙΟΝ ΑΣΕΜΝΩΝ ΕΙΚΟΝΩΝ

ΧΟΓΚ ΚΟΓΚ, 23. (Άσσ. Πρές).— Αμερικανοί άφέθησαν έλεύθεροι ύπο τών Κινέζων.

ΧΟΓΚ ΚΟΓΚ, 23. (Άσσ. Πρές).— Αμερικανοί άφέθησαν έλεύθεροι ύπο τών Κινέζων.

ΧΟΓΚ ΚΟΓΚ, 23. (Άσσ. Πρές).— Αμερικανοί άφέθησαν έλεύθεροι ύπο τών Κινέζων.

ΧΟΓΚ ΚΟΓΚ, 23. (Άσσ. Πρές).— Αμερικανοί άφέθησαν έλεύθεροι ύπο τών Κινέζων.

ΧΟΓΚ ΚΟΓΚ, 23. (Άσσ. Πρές).— Αμερικανοί άφέθησαν έλεύθεροι ύπο τών Κινέζων.

ΤΟ ΘΕΜΑ ΤΗΣ ΕΘΝΙΚΟΠΟΙΗΣΕΩΣ ΤΩΝ ΙΝΔΙΚΩΝ ΤΡΑΠΕΖΩΝ ΑΠΕΙΛΕΙ ΝΑ ΟΔΗΓΗΣΗ ΤΗΝ ΧΩΡΑΝ ΕΙΣ ΠΟΛΙΤΙΚΗΝ ΚΡΙΣΙΝ

ΝΕΟ ΔΕΛΧΙ, 23. (Άσσ. Πρές).— Ή έθνικοποίησις τών τραπεζών άπειλεί να προκαλέση κρίσιν.

ΝΕΟ ΔΕΛΧΙ, 23. (Άσσ. Πρές).— Ή έθνικοποίησις τών τραπεζών άπειλεί να προκαλέση κρίσιν.

ΝΕΟ ΔΕΛΧΙ, 23. (Άσσ. Πρές).— Ή έθνικοποίησις τών τραπεζών άπειλεί να προκαλέση κρίσιν.

ΝΕΟ ΔΕΛΧΙ, 23. (Άσσ. Πρές).— Ή έθνικοποίησις τών τραπεζών άπειλεί να προκαλέση κρίσιν.

ΕΥΘΥΝΟΝΤΑΙ ΟΙ ΔΙΔΑΣΚΑΛΟΙ ΚΑΙ ΟΙ ΕΠΙΤΗΡΗΤΑΙ ΔΙΑ ΤΟΝ ΠΝΙΓΜΟΝ ΤΩΝ 19 ΜΑΘΗΤΩΝ ΕΙΣ ΤΟΝ ΛΕΙΓΚΡΙΝ

ΑΝΖΕ, 23. (Ίσσόν, Ύπηρ.).— Οι διδάσκαλοι εύθύνονται διά τον πνιγμόν τών μαθητών.

ΑΝΖΕ, 23. (Ίσσόν, Ύπηρ.).— Οι διδάσκαλοι εύθύνονται διά τον πνιγμόν τών μαθητών.

ΑΝΖΕ, 23. (Ίσσόν, Ύπηρ.).— Οι διδάσκαλοι εύθύνονται διά τον πνιγμόν τών μαθητών.

ΑΝΖΕ, 23. (Ίσσόν, Ύπηρ.).— Οι διδάσκαλοι εύθύνονται διά τον πνιγμόν τών μαθητών.

ΓΑΛΛΟΣ ΚΑΚΟΠΟΙΟΣ ΕΠΕΧΕΙΡΗΣΕ ΝΑ ΒΙΑΣΗ ΤΗΝ ΓΝΩΣΤΗΝ ΗΘΟΠΟΙΟΝ ΠΑΣΚΑΛ ΡΟΜΠΕΡ

ΠΑΡΙΣΙΟΙ, 23. (Γαλ. Πρακτ.).— Κακοποιός έπεχείρησε να βιάση την ήθοποιόν.

ΠΑΡΙΣΙΟΙ, 23. (Γαλ. Πρακτ.).— Κακοποιός έπεχείρησε να βιάση την ήθοποιόν.

ΠΑΡΙΣΙΟΙ, 23. (Γαλ. Πρακτ.).— Κακοποιός έπεχείρησε να βιάση την ήθοποιόν.

ΠΑΡΙΣΙΟΙ, 23. (Γαλ. Πρακτ.).— Κακοποιός έπεχείρησε να βιάση την ήθοποιόν.

ΠΑΡΙΣΙΟΙ, 23. (Γαλ. Πρακτ.).— Κακοποιός έπεχείρησε να βιάση την ήθοποιόν.

ΠΑΡΙΣΙΟΙ, 23. (Γαλ. Πρακτ.).— Κακοποιός έπεχείρησε να βιάση την ήθοποιόν.

Η ΣΟΒΙΕΤΙΚΗ ΕΝΩΣΙΣ ΘΑ ΒΟΗΘΗΣΗ ΤΟ ΙΡΑΚ ΔΙΑ ΤΗΝ ΕΙΡΗΝΙΚΗΝ ΧΡΗΣΙΝ ΤΟΥ ΑΤΟΜΟΥ

ΒΗΡΥΤΟΣ, 23. (Άσσ. Πρές).— Ή Σοβιετική Ένωσις θά βοηθήση το Ίράκ.

ΒΗΡΥΤΟΣ, 23. (Άσσ. Πρές).— Ή Σοβιετική Ένωσις θά βοηθήση το Ίράκ.

ΒΗΡΥΤΟΣ, 23. (Άσσ. Πρές).— Ή Σοβιετική Ένωσις θά βοηθήση το Ίράκ.

ΒΗΡΥΤΟΣ, 23. (Άσσ. Πρές).— Ή Σοβιετική Ένωσις θά βοηθήση το Ίράκ.

ΙΚΑΝΟΠΟΙΗΣΙΣ ΤΗΝ ΙΑΠΩΝΙΚΗΝ ΚΥΒΕΡΝΗΣΙΝ Η ΑΠΟΜΑΚΡΥΝΣΙΣ ΤΩΝ ΑΕΡΙΩΝ ΕΞ ΟΚΙΝΑΟΥΑ

ΤΟΚΙΟ, 23. (Άσσ. Πρές).— Ή άπομάκρυνσις τών άερίων ίκανοποιεί την ιαπωνικήν κυβέρνησιν.

ΤΟΚΙΟ, 23. (Άσσ. Πρές).— Ή άπομάκρυνσις τών άερίων ίκανοποιεί την ιαπωνικήν κυβέρνησιν.

ΤΟΚΙΟ, 23. (Άσσ. Πρές).— Ή άπομάκρυνσις τών άερίων ίκανοποιεί την ιαπωνικήν κυβέρνησιν.

ΤΟΚΙΟ, 23. (Άσσ. Πρές).— Ή άπομάκρυνσις τών άερίων ίκανοποιεί την ιαπωνικήν κυβέρνησιν.
